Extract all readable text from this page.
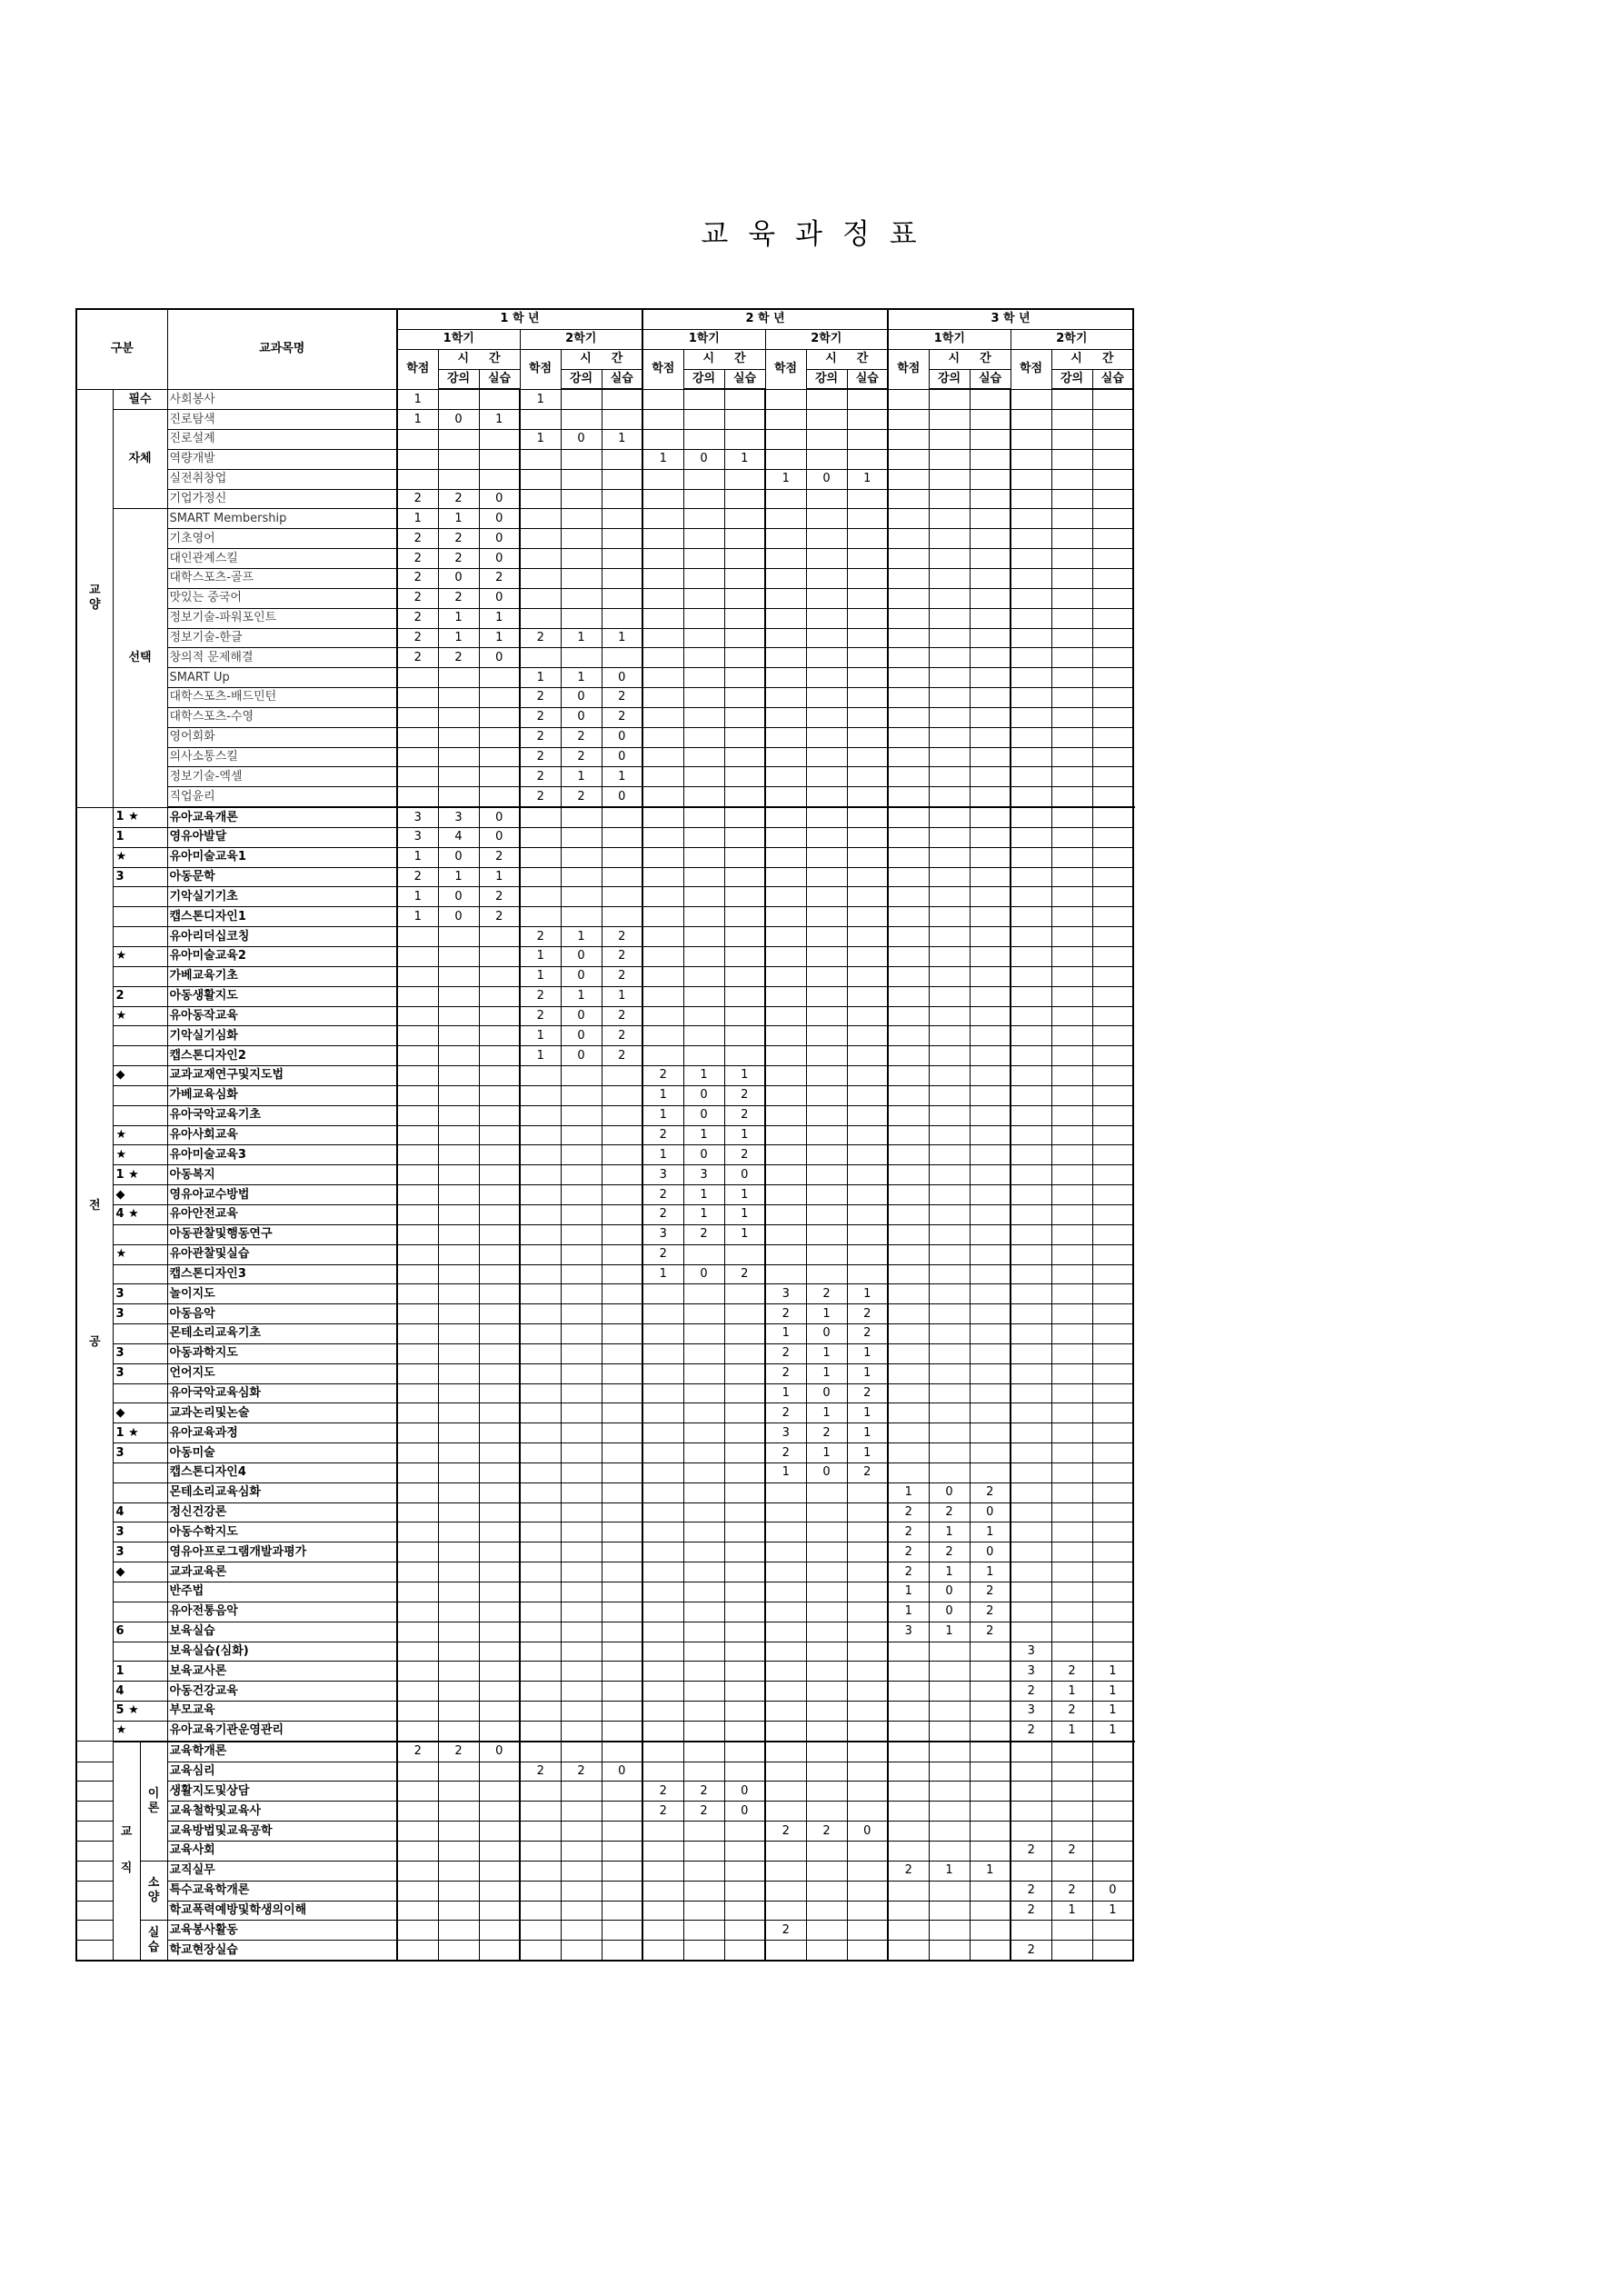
교 육 과 정 표
구분			교과목명	1 학 년						2 학 년						3 학 년						
				1학기			2학기			1학기			2학기			1학기			2학기			
				학점	시 간		학점	시 간		학점	시 간		학점	시 간		학점	시 간		학점	시 간		
					강의	실습		강의	실습		강의	실습		강의	실습		강의	실습		강의	실습	

교
양	필수		사회봉사	1			1																
	자체		진로탐색	1	0	1																	
			진로설계				1	0	1														
			역량개발							1	0	1											
			실전취창업										1	0	1								
			기업가정신	2	2	0																	
	선택		SMART Membership	1	1	0																	
			기초영어	2	2	0																	
			대인관계스킬	2	2	0																	
			대학스포츠-골프	2	0	2																	
			맛있는 중국어	2	2	0																	
			정보기술-파워포인트	2	1	1																	
			정보기술-한글	2	1	1	2	1	1														
			창의적 문제해결	2	2	0																	
			SMART Up				1	1	0														
			대학스포츠-배드민턴				2	0	2														
			대학스포츠-수영				2	0	2														
			영어회화				2	2	0														
			의사소통스킬				2	2	0														
			정보기술-엑셀				2	1	1														
			직업윤리				2	2	0														

전
공	1 ★		유아교육개론	3	3	0																	
	1		영유아발달	3	4	0																	
	★		유아미술교육1	1	0	2																	
	3		아동문학	2	1	1																	
			기악실기기초	1	0	2																	
			캡스톤디자인1	1	0	2																	
			유아리더십코칭				2	1	2														
	★		유아미술교육2				1	0	2														
			가베교육기초				1	0	2														
	2		아동생활지도				2	1	1														
	★		유아동작교육				2	0	2														
			기악실기심화				1	0	2														
			캡스톤디자인2				1	0	2														
	◆		교과교재연구및지도법							2	1	1											
			가베교육심화							1	0	2											
			유아국악교육기초							1	0	2											
	★		유아사회교육							2	1	1											
	★		유아미술교육3							1	0	2											
	1 ★		아동복지							3	3	0											
	◆		영유아교수방법							2	1	1											
	4 ★		유아안전교육							2	1	1											
			아동관찰및행동연구							3	2	1											
	★		유아관찰및실습							2													
			캡스톤디자인3							1	0	2											
	3		놀이지도										3	2	1								
	3		아동음악										2	1	2								
			몬테소리교육기초										1	0	2								
	3		아동과학지도										2	1	1								
	3		언어지도										2	1	1								
			유아국악교육심화										1	0	2								
	◆		교과논리및논술										2	1	1								
	1 ★		유아교육과정										3	2	1								
	3		아동미술										2	1	1								
			캡스톤디자인4										1	0	2								
			몬테소리교육심화													1	0	2					
	4		정신건강론													2	2	0					
	3		아동수학지도													2	1	1					
	3		영유아프로그램개발과평가													2	2	0					
	◆		교과교육론													2	1	1					
			반주법													1	0	2					
			유아전통음악													1	0	2					
	6		보육실습													3	1	2					
			보육실습(심화)																3				
	1		보육교사론																3	2	1		
	4		아동건강교육																2	1	1		
	5 ★		부모교육																3	2	1		
	★		유아교육기관운영관리																2	1	1		

	교
직	이
론	교육학개론	2	2	0																	
			교육심리				2	2	0														
			생활지도및상담							2	2	0											
			교육철학및교육사							2	2	0											
			교육방법및교육공학										2	2	0								
			교육사회																2	2			

		소
양	교직실무													2	1	1					
			특수교육학개론																2	2	0		
			학교폭력예방및학생의이해																2	1	1		

		실
습	교육봉사활동										2										
			학교현장실습																2				
